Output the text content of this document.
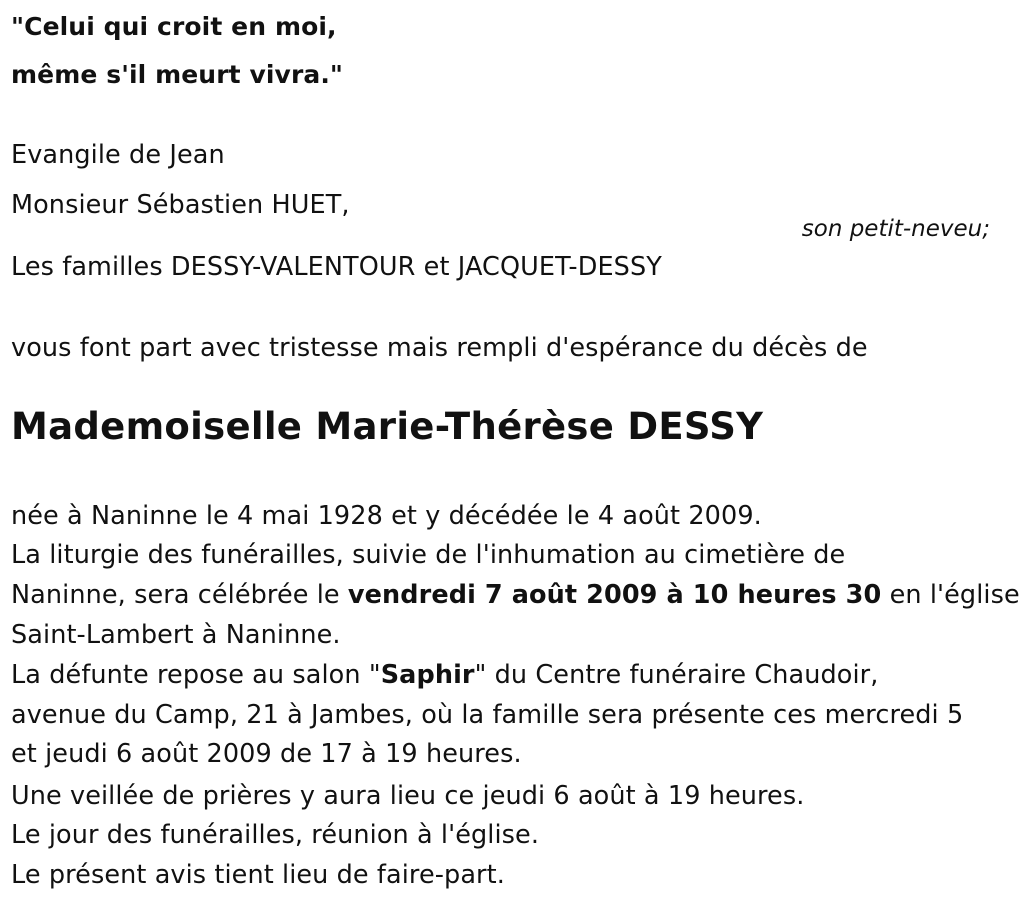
"Celui qui croit en moi,
même s'il meurt vivra."
Evangile de Jean
Monsieur Sébastien HUET,
son petit-neveu;
Les familles DESSY-VALENTOUR et JACQUET-DESSY
vous font part avec tristesse mais rempli d'espérance du décès de
Mademoiselle Marie-Thérèse DESSY
née à Naninne le 4 mai 1928 et y décédée le 4 août 2009.
La liturgie des funérailles, suivie de l'inhumation au cimetière de
Naninne, sera célébrée le vendredi 7 août 2009 à 10 heures 30 en l'église
Saint-Lambert à Naninne.
La défunte repose au salon "Saphir" du Centre funéraire Chaudoir,
avenue du Camp, 21 à Jambes, où la famille sera présente ces mercredi 5
et jeudi 6 août 2009 de 17 à 19 heures.
Une veillée de prières y aura lieu ce jeudi 6 août à 19 heures.
Le jour des funérailles, réunion à l'église.
Le présent avis tient lieu de faire-part.
